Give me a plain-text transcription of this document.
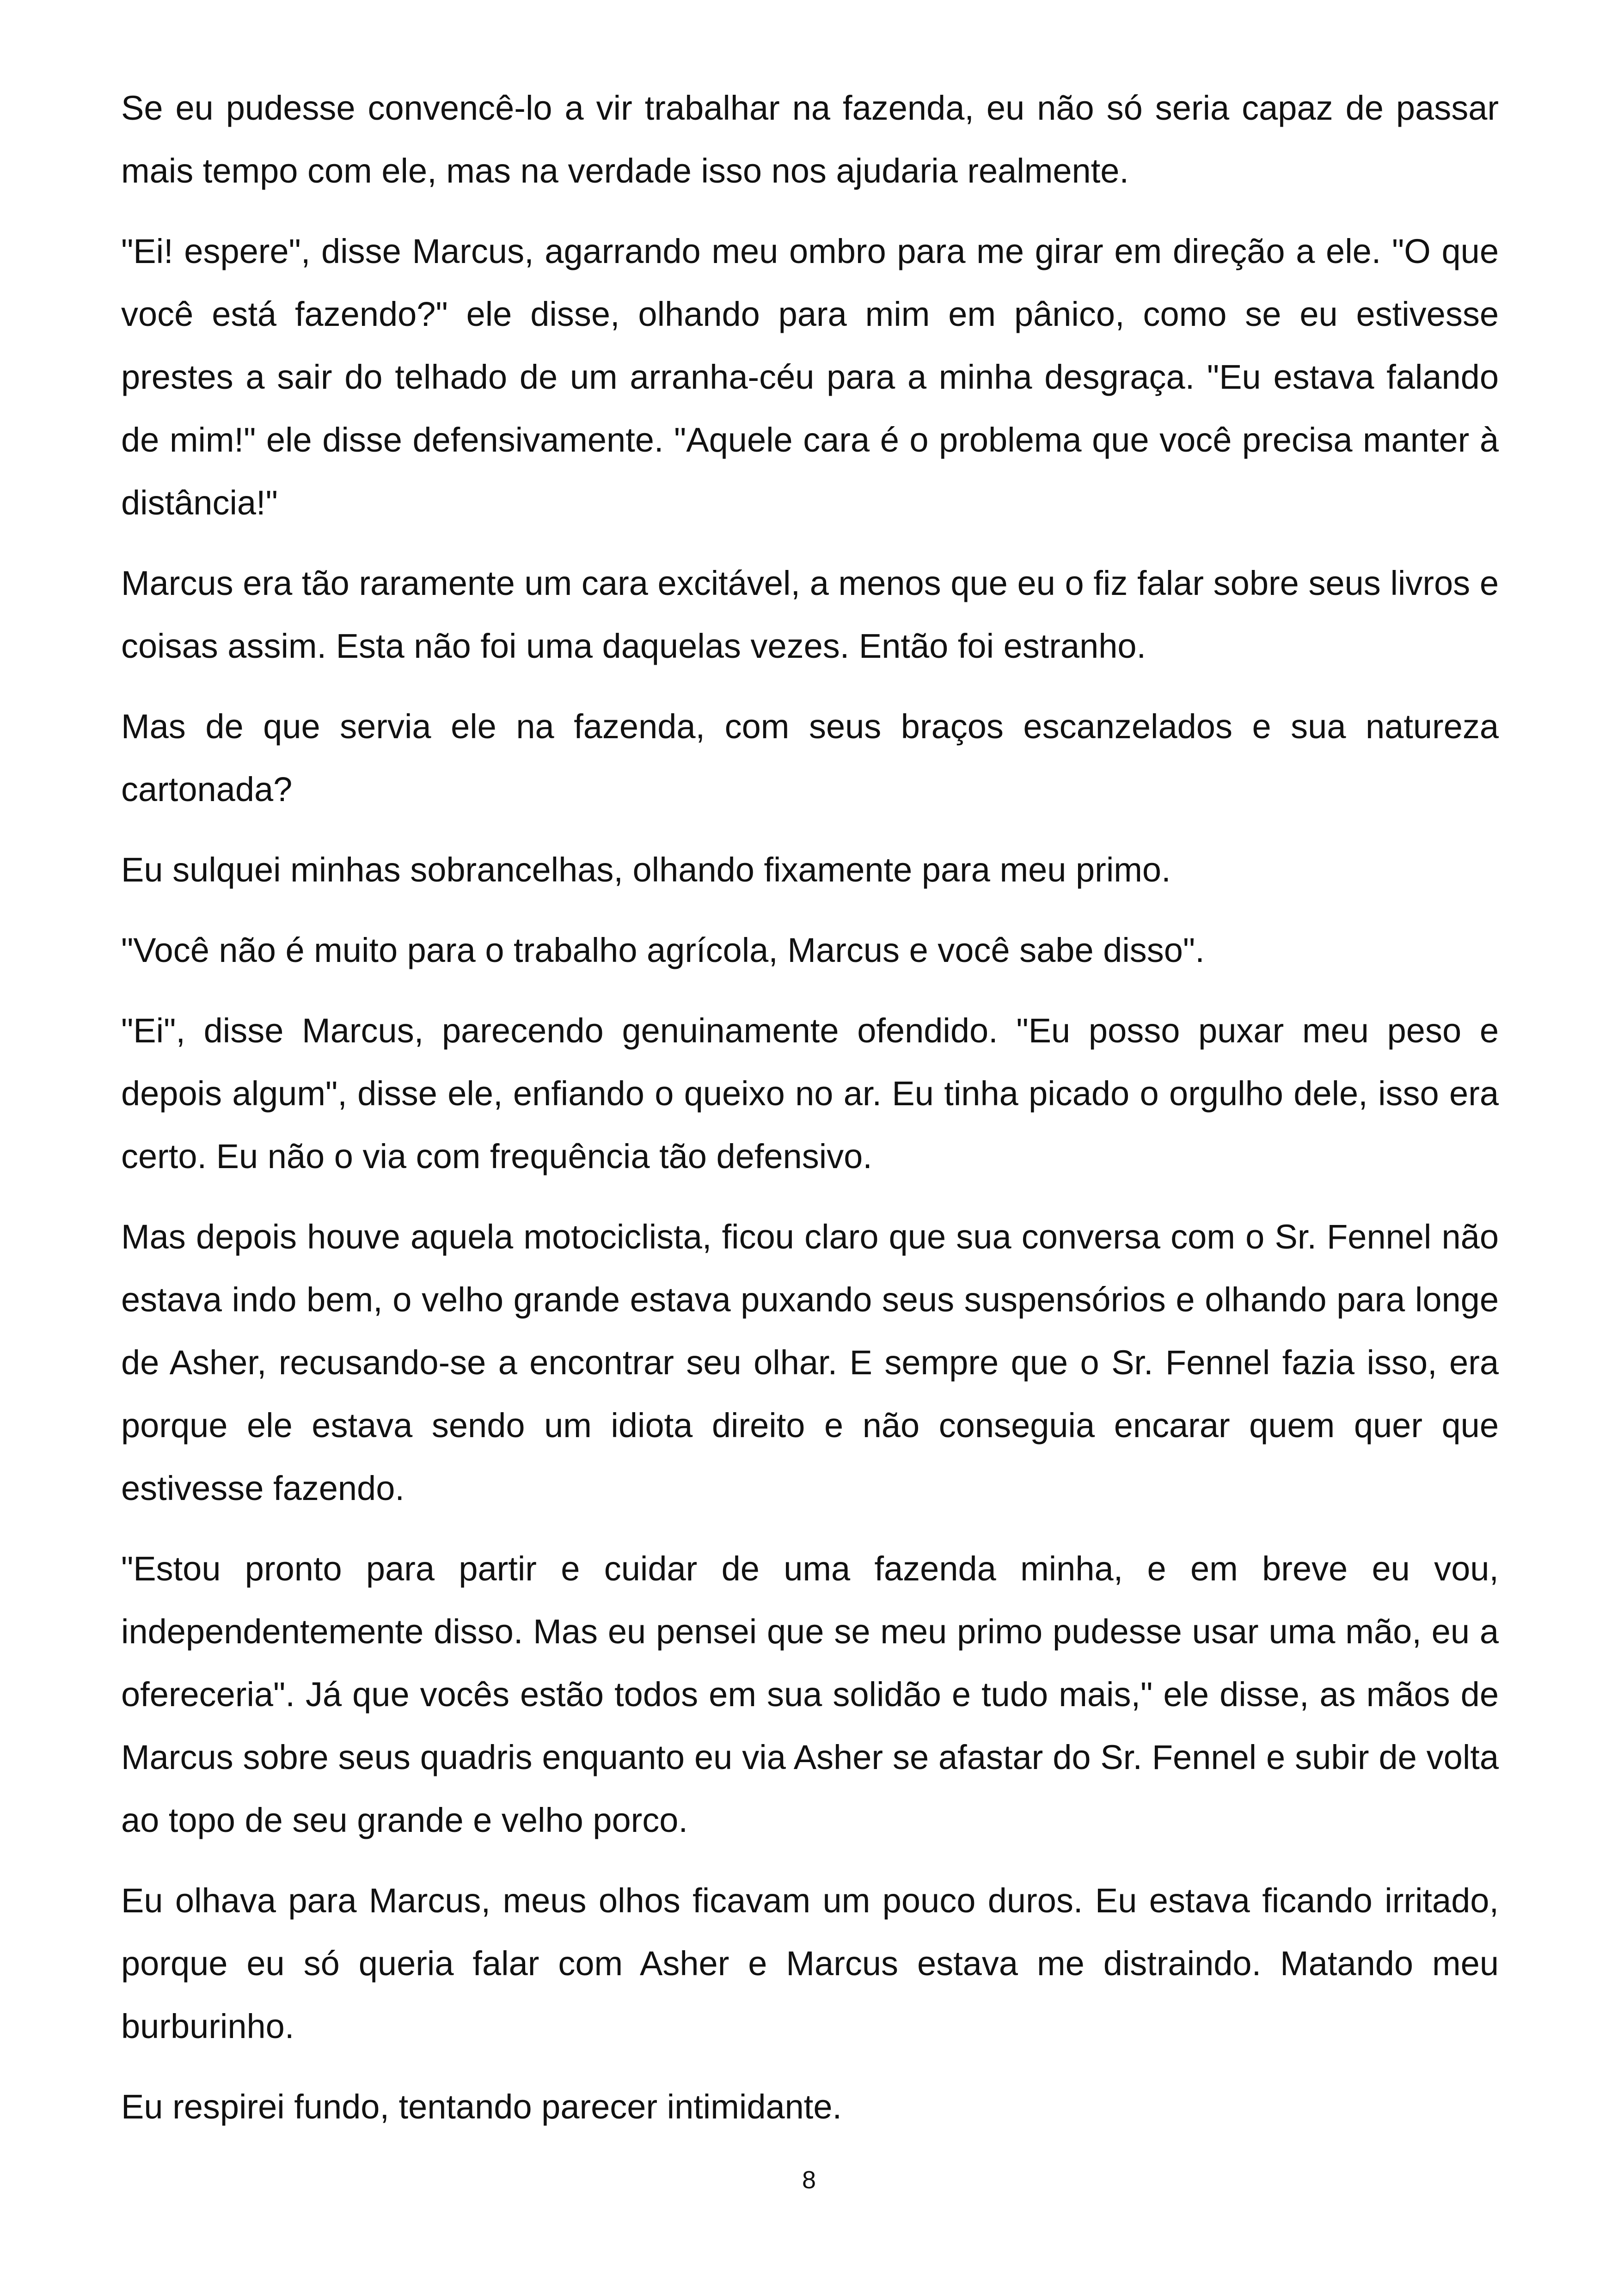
Se eu pudesse convencê-lo a vir trabalhar na fazenda, eu não só seria capaz de passar mais tempo com ele, mas na verdade isso nos ajudaria realmente.

"Ei! espere", disse Marcus, agarrando meu ombro para me girar em direção a ele. "O que você está fazendo?" ele disse, olhando para mim em pânico, como se eu estivesse prestes a sair do telhado de um arranha-céu para a minha desgraça. "Eu estava falando de mim!" ele disse defensivamente. "Aquele cara é o problema que você precisa manter à distância!"

Marcus era tão raramente um cara excitável, a menos que eu o fiz falar sobre seus livros e coisas assim. Esta não foi uma daquelas vezes. Então foi estranho.

Mas de que servia ele na fazenda, com seus braços escanzelados e sua natureza cartonada?

Eu sulquei minhas sobrancelhas, olhando fixamente para meu primo.

"Você não é muito para o trabalho agrícola, Marcus e você sabe disso".

"Ei", disse Marcus, parecendo genuinamente ofendido. "Eu posso puxar meu peso e depois algum", disse ele, enfiando o queixo no ar. Eu tinha picado o orgulho dele, isso era certo. Eu não o via com frequência tão defensivo.

Mas depois houve aquela motociclista, ficou claro que sua conversa com o Sr. Fennel não estava indo bem, o velho grande estava puxando seus suspensórios e olhando para longe de Asher, recusando-se a encontrar seu olhar. E sempre que o Sr. Fennel fazia isso, era porque ele estava sendo um idiota direito e não conseguia encarar quem quer que estivesse fazendo.

"Estou pronto para partir e cuidar de uma fazenda minha, e em breve eu vou, independentemente disso. Mas eu pensei que se meu primo pudesse usar uma mão, eu a ofereceria". Já que vocês estão todos em sua solidão e tudo mais," ele disse, as mãos de Marcus sobre seus quadris enquanto eu via Asher se afastar do Sr. Fennel e subir de volta ao topo de seu grande e velho porco.

Eu olhava para Marcus, meus olhos ficavam um pouco duros. Eu estava ficando irritado, porque eu só queria falar com Asher e Marcus estava me distraindo. Matando meu burburinho.

Eu respirei fundo, tentando parecer intimidante.

8
